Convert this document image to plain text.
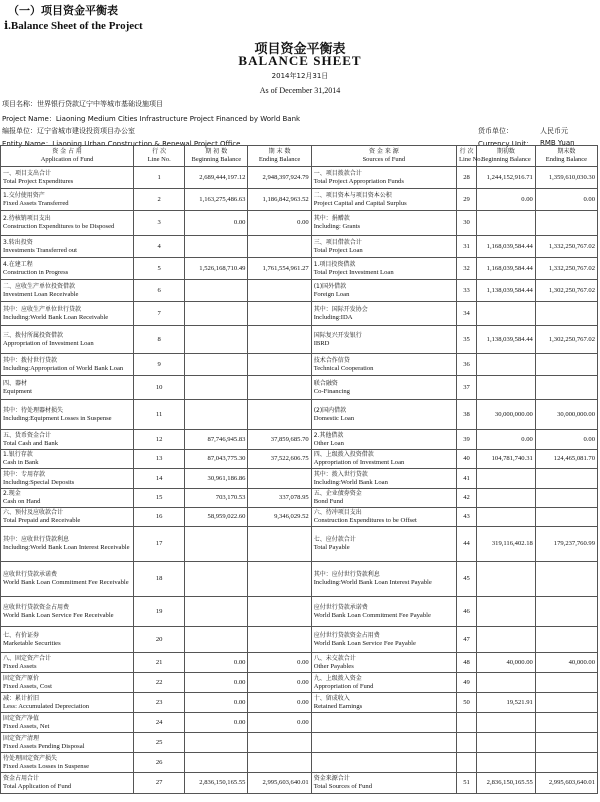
（一）项目资金平衡表
ⅰ.Balance Sheet of the Project
项目资金平衡表
BALANCE SHEET
2014年12月31日
As of December 31,2014
项目名称：世界银行贷款辽宁中等城市基础设施项目
Project Name：Liaoning Medium Cities Infrastructure Project Financed by World Bank
编报单位：辽宁省城市建设投资项目办公室
Entity Name：Liaoning Urban Construction & Renewal Project Office
货币单位：	人民币元
Currency Unit： RMB Yuan
资 金 占 用
Application of Fund	行 次
Line No.	期 初 数
Beginning Balance	期 末 数
Ending Balance	资 金 来 源
Sources of Fund	行 次
Line No.	期初数
Beginning Balance	期末数
Ending Balance

一、项目支出合计
Total Project Expenditures	1	2,689,444,197.12	2,948,397,924.79	一、项目拨款合计
Total Project Appropriation Funds	28	1,244,152,916.71	1,359,610,030.30

1.交付使用资产
Fixed Assets Transferred	2	1,163,275,486.63	1,186,842,963.52	二、项目资本与项目资本公积
Project Capital and Capital Surplus	29	0.00	0.00

2.待核销项目支出
Construction Expenditures to be Disposed	3	0.00	0.00	其中：捐赠款
Including: Grants	30		

3.转出投资
Investments Transferred out	4			三、项目借款合计
Total Project Loan	31	1,168,039,584.44	1,332,250,767.02

4.在建工程
Construction in Progress	5	1,526,168,710.49	1,761,554,961.27	1.项目投资借款
Total Project Investment Loan	32	1,168,039,584.44	1,332,250,767.02

二、应收生产单位投资借款
Investment Loan Receivable	6			(1)国外借款
Foreign Loan	33	1,138,039,584.44	1,302,250,767.02

其中：应收生产单位世行贷款
Including:World Bank Loan Receivable	7			其中：国际开发协会
Including:IDA	34		

三、拨付所属投资借款
Appropriation of Investment Loan	8			国际复兴开发银行
IBRD	35	1,138,039,584.44	1,302,250,767.02

其中：拨付世行贷款
Including:Appropriation of World Bank Loan	9			技术合作信贷
Technical Cooperation	36		

四、器材
Equipment	10			联合融资
Co-Financing	37		

其中：待处理器材损失
Including:Equipment Losses in Suspense	11			(2)国内借款
Domestic Loan	38	30,000,000.00	30,000,000.00

五、货币资金合计
Total Cash and Bank	12	87,746,945.83	37,859,685.70	2.其他借款
Other Loan	39	0.00	0.00

1.银行存款
Cash in Bank	13	87,043,775.30	37,522,606.75	四、上级拨入投资借款
Appropriation of Investment Loan	40	104,781,740.31	124,465,081.70

其中：专用存款
Including:Special Deposits	14	30,961,186.86		其中：拨入世行贷款
Including:World Bank Loan	41		

2.现金
Cash on Hand	15	703,170.53	337,078.95	五、企业债券资金
Bond Fund	42		

六、预付及应收款合计
Total Prepaid and Receivable	16	58,959,022.60	9,346,029.52	六、待冲项目支出
Construction Expenditures to be Offset	43		

其中：应收世行贷款利息
Including:World Bank Loan Interest Receivable	17			七、应付款合计
Total Payable	44	319,116,402.18	179,237,760.99

应收世行贷款承诺费
World Bank Loan Commitment Fee Receivable	18			其中：应付世行贷款利息
Including:World Bank Loan Interest Payable	45		

应收世行贷款资金占用费
World Bank Loan Service Fee Receivable	19			应付世行贷款承诺费
World Bank Loan Commitment Fee Payable	46		

七、有价证券
Marketable Securities	20			应付世行贷款资金占用费
World Bank Loan Service Fee Payable	47		

八、固定资产合计
Fixed Assets	21	0.00	0.00	八、未交款合计
Other Payables	48	40,000.00	40,000.00

固定资产原价
Fixed Assets, Cost	22	0.00	0.00	九、上级拨入资金
Appropriation of Fund	49		

减：累计折旧
Less: Accumulated Depreciation	23	0.00	0.00	十、留成收入
Retained Earnings	50	19,521.91	

固定资产净值
Fixed Assets, Net	24	0.00	0.00	

固定资产清理
Fixed Assets Pending Disposal	25			

待处理固定资产损失
Fixed Assets Losses in Suspense	26			

资金占用合计
Total Application of Fund	27	2,836,150,165.55	2,995,603,640.01	资金来源合计
Total Sources of Fund	51	2,836,150,165.55	2,995,603,640.01
